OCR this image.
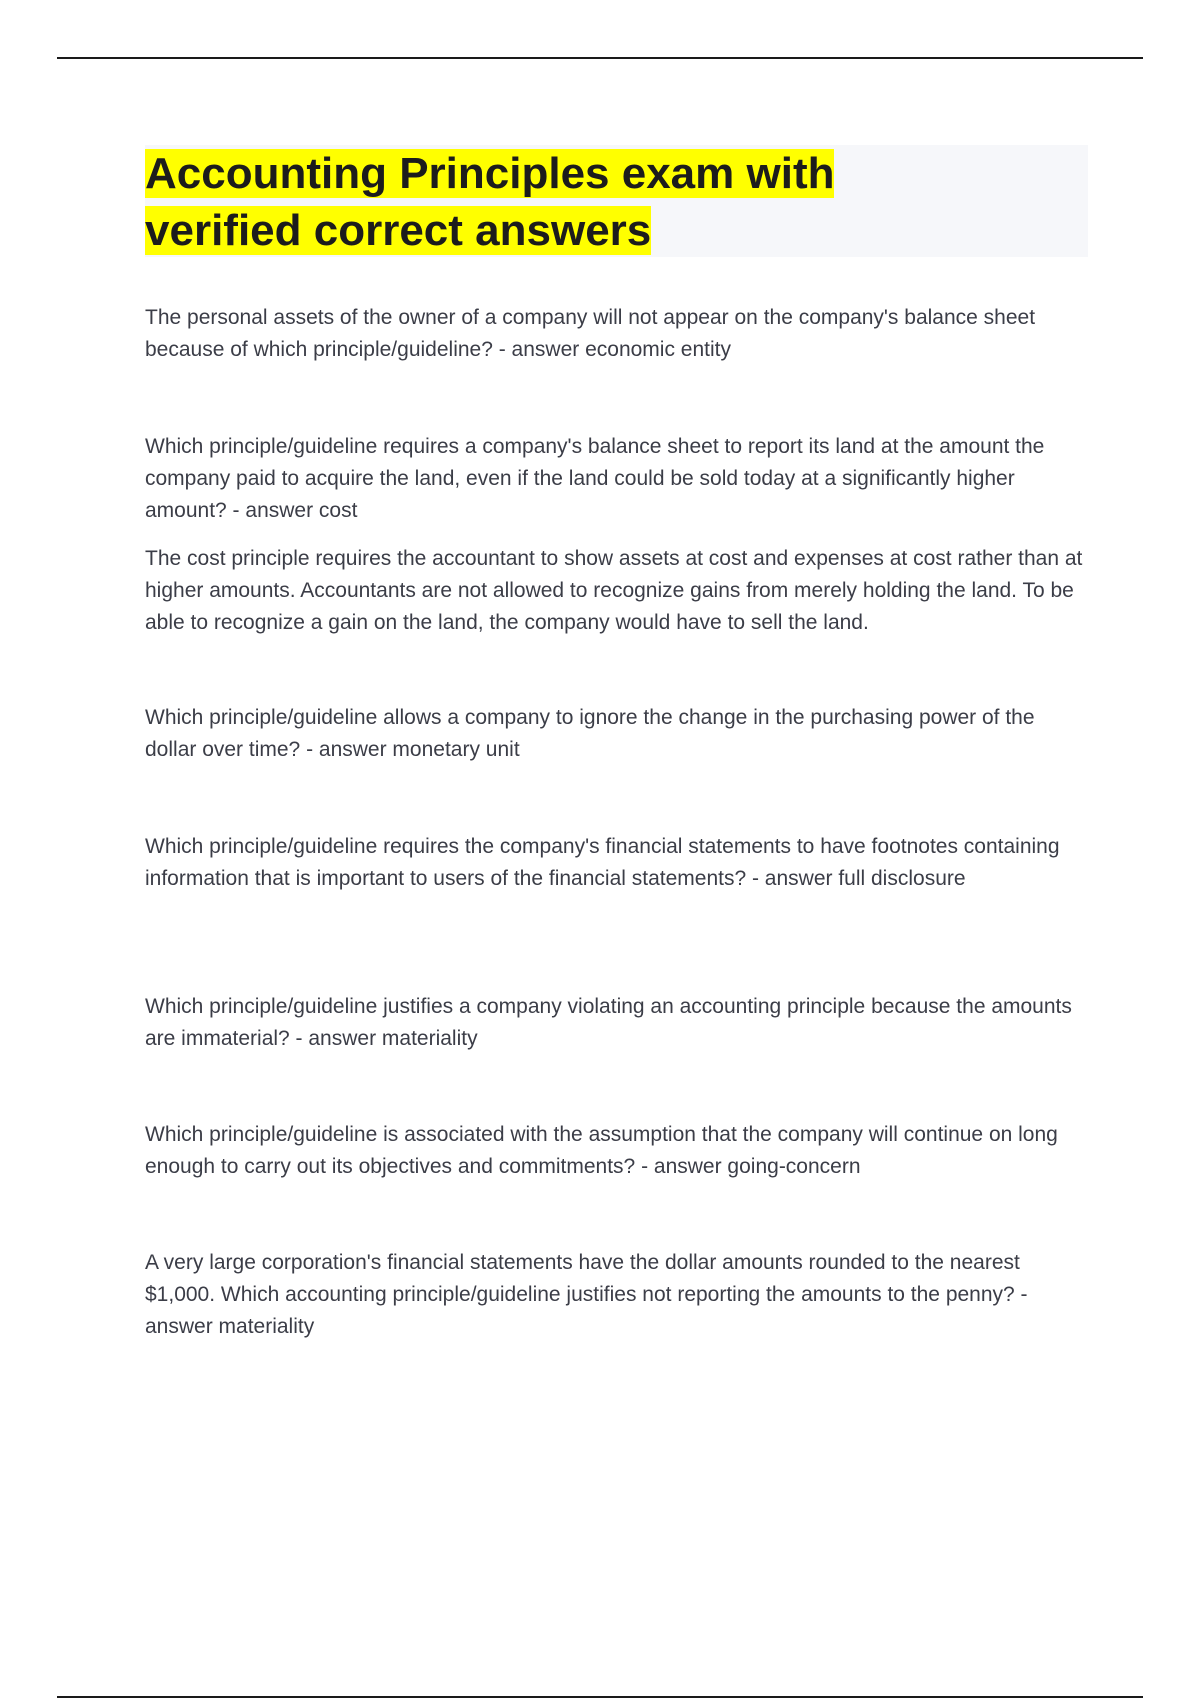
Accounting Principles exam with verified correct answers

The personal assets of the owner of a company will not appear on the company's balance sheet because of which principle/guideline? - answer economic entity

Which principle/guideline requires a company's balance sheet to report its land at the amount the company paid to acquire the land, even if the land could be sold today at a significantly higher amount? - answer cost

The cost principle requires the accountant to show assets at cost and expenses at cost rather than at higher amounts. Accountants are not allowed to recognize gains from merely holding the land. To be able to recognize a gain on the land, the company would have to sell the land.

Which principle/guideline allows a company to ignore the change in the purchasing power of the dollar over time? - answer monetary unit

Which principle/guideline requires the company's financial statements to have footnotes containing information that is important to users of the financial statements? - answer full disclosure

Which principle/guideline justifies a company violating an accounting principle because the amounts are immaterial? - answer materiality

Which principle/guideline is associated with the assumption that the company will continue on long enough to carry out its objectives and commitments? - answer going-concern

A very large corporation's financial statements have the dollar amounts rounded to the nearest $1,000. Which accounting principle/guideline justifies not reporting the amounts to the penny? - answer materiality
